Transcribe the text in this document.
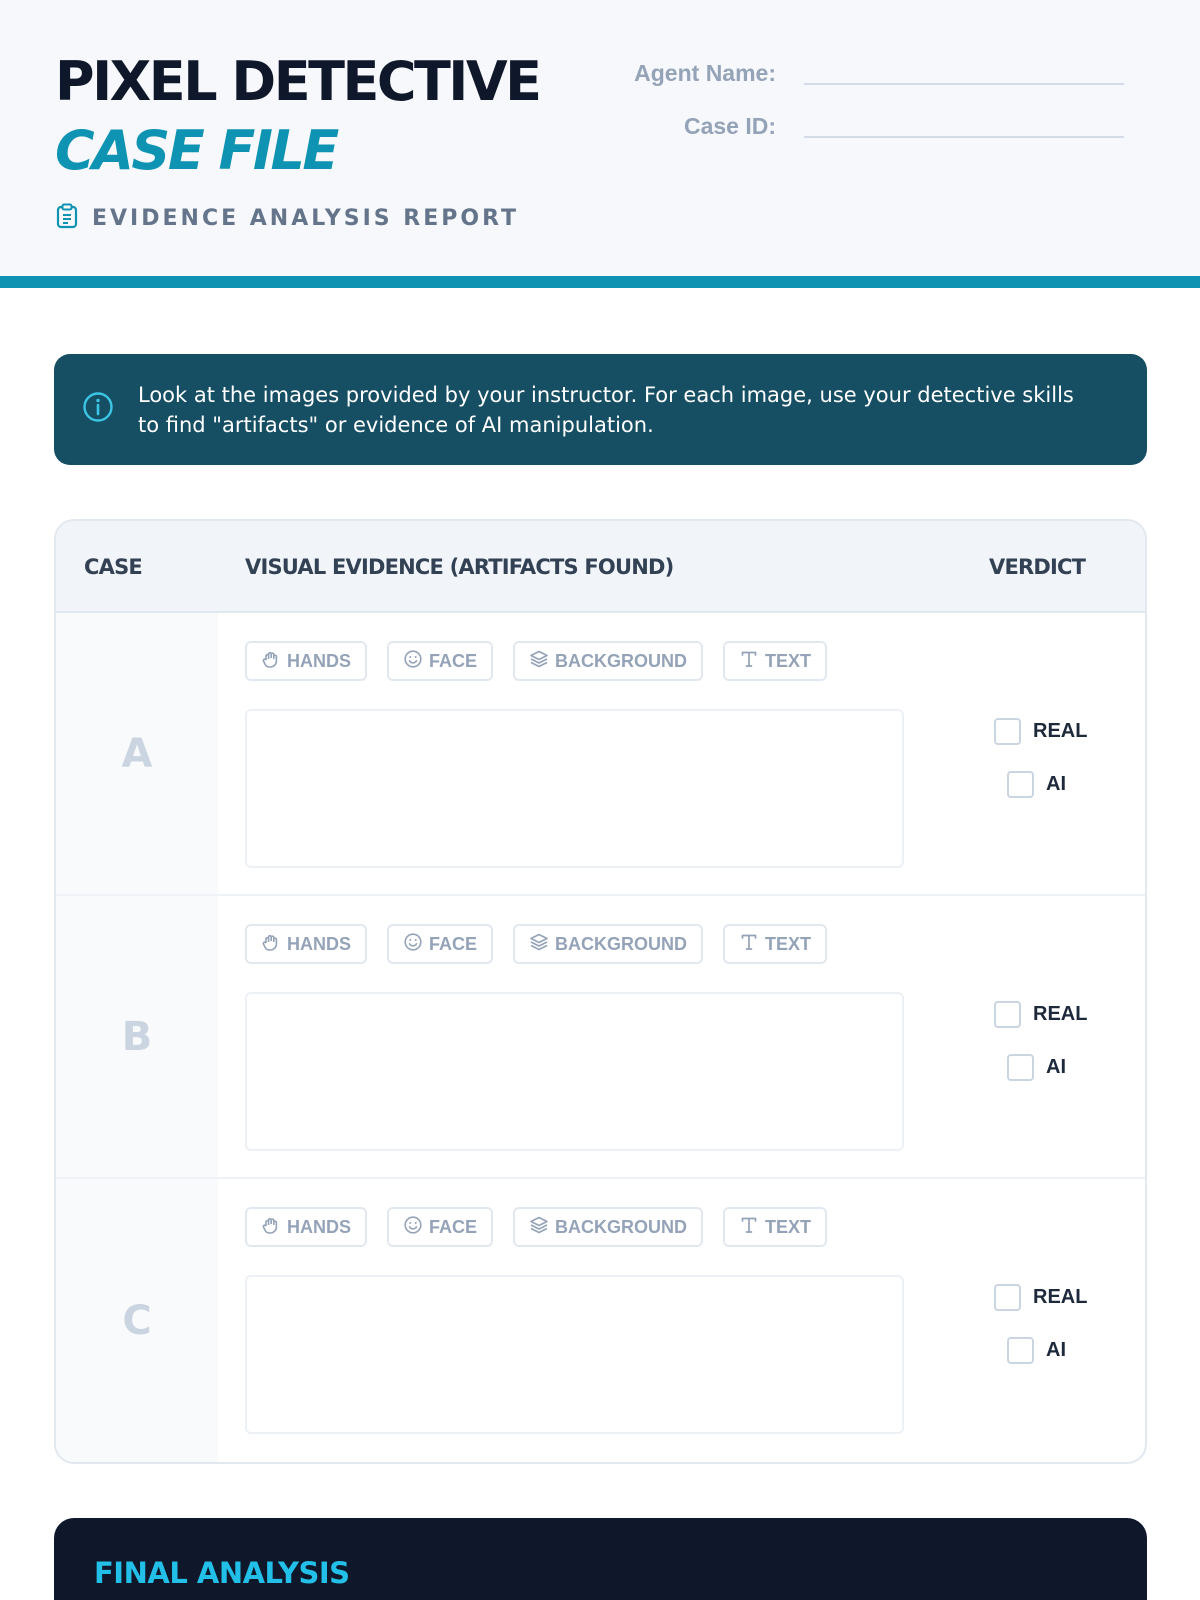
PIXEL DETECTIVE
CASE FILE
EVIDENCE ANALYSIS REPORT
Agent Name:
Case ID:
Look at the images provided by your instructor. For each image, use your detective skills to find "artifacts" or evidence of AI manipulation.
CASE	VISUAL EVIDENCE (ARTIFACTS FOUND)	VERDICT
A
HANDS	FACE	BACKGROUND	TEXT
REAL
AI
B
HANDS	FACE	BACKGROUND	TEXT
REAL
AI
C
HANDS	FACE	BACKGROUND	TEXT
REAL
AI
FINAL ANALYSIS
